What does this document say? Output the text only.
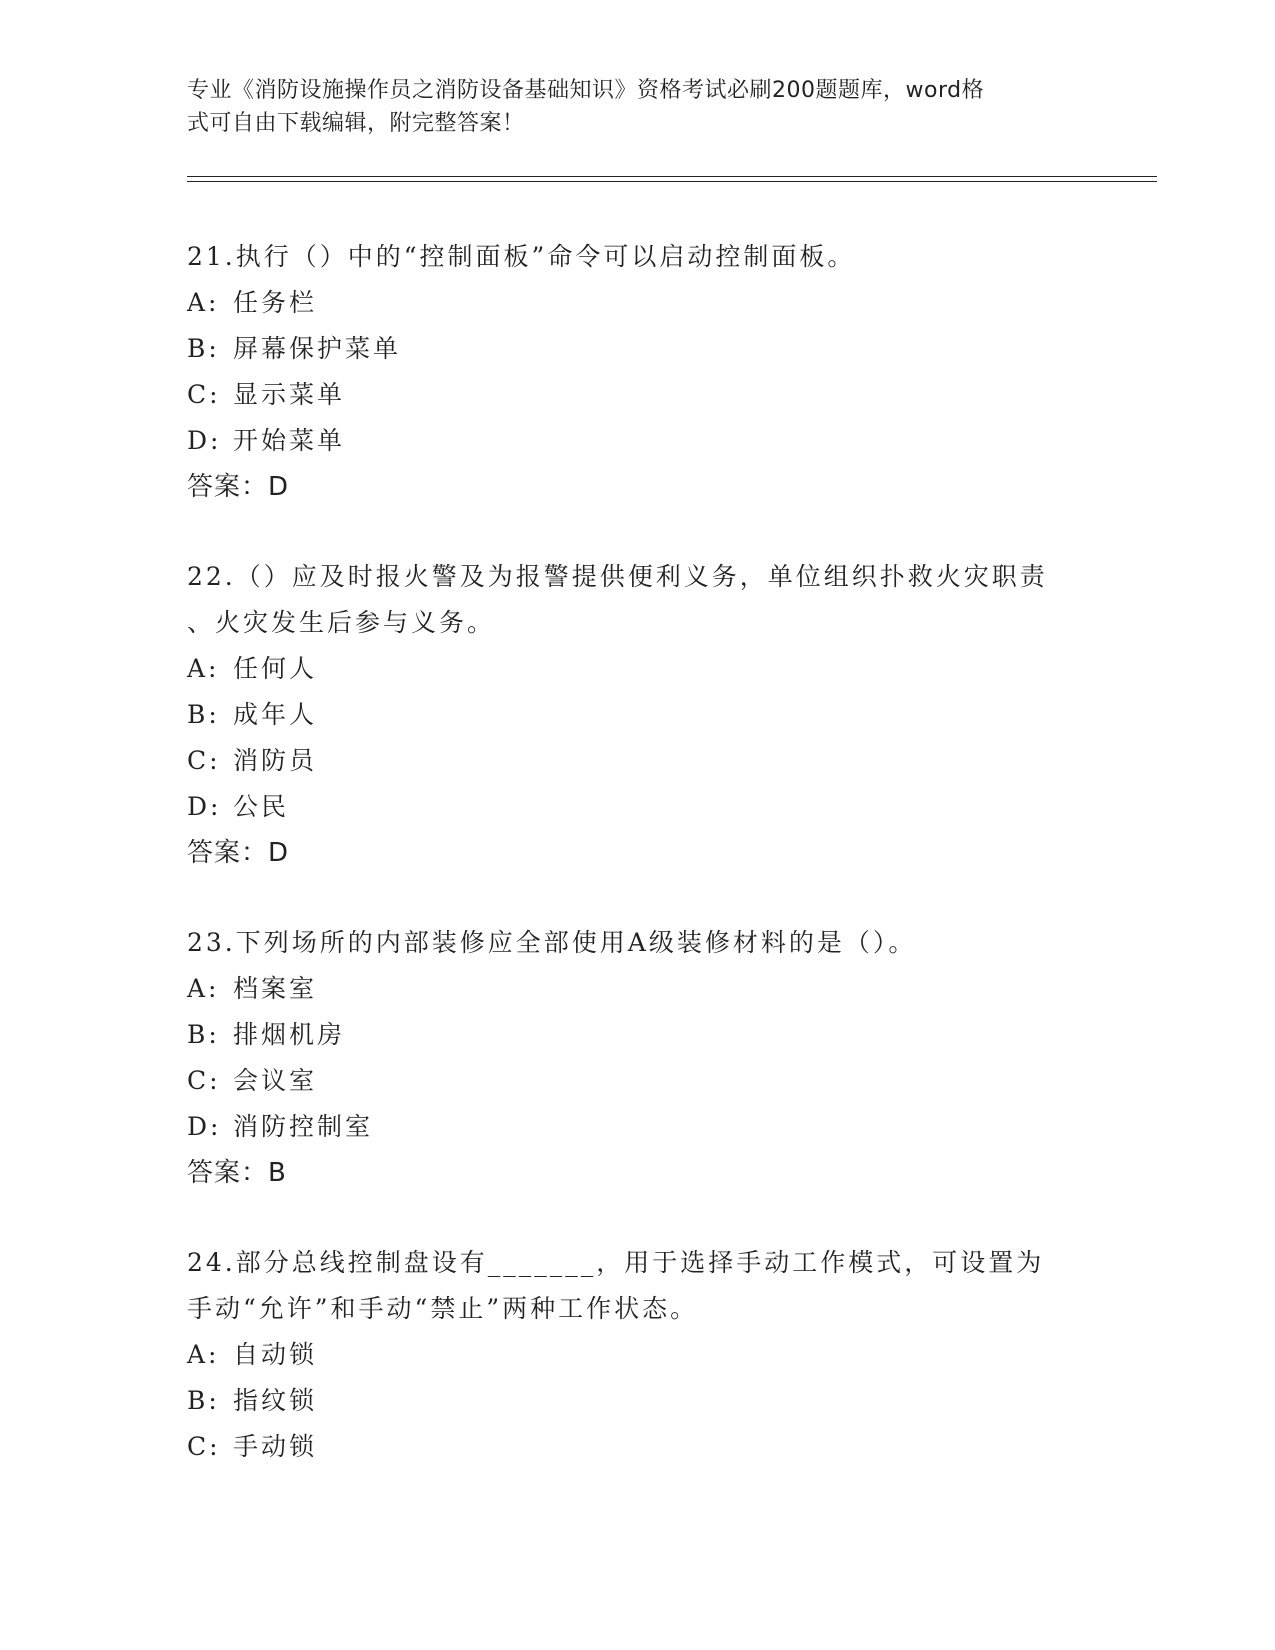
专业《消防设施操作员之消防设备基础知识》资格考试必刷200题题库，word格
式可自由下载编辑，附完整答案！
21.执行（）中的“控制面板”命令可以启动控制面板。
A: 任务栏
B: 屏幕保护菜单
C: 显示菜单
D: 开始菜单
答案：D
22.（）应及时报火警及为报警提供便利义务，单位组织扑救火灾职责
、火灾发生后参与义务。
A: 任何人
B: 成年人
C: 消防员
D: 公民
答案：D
23.下列场所的内部装修应全部使用A级装修材料的是（）。
A: 档案室
B: 排烟机房
C: 会议室
D: 消防控制室
答案：B
24.部分总线控制盘设有_______，用于选择手动工作模式，可设置为
手动“允许”和手动“禁止”两种工作状态。
A: 自动锁
B: 指纹锁
C: 手动锁
